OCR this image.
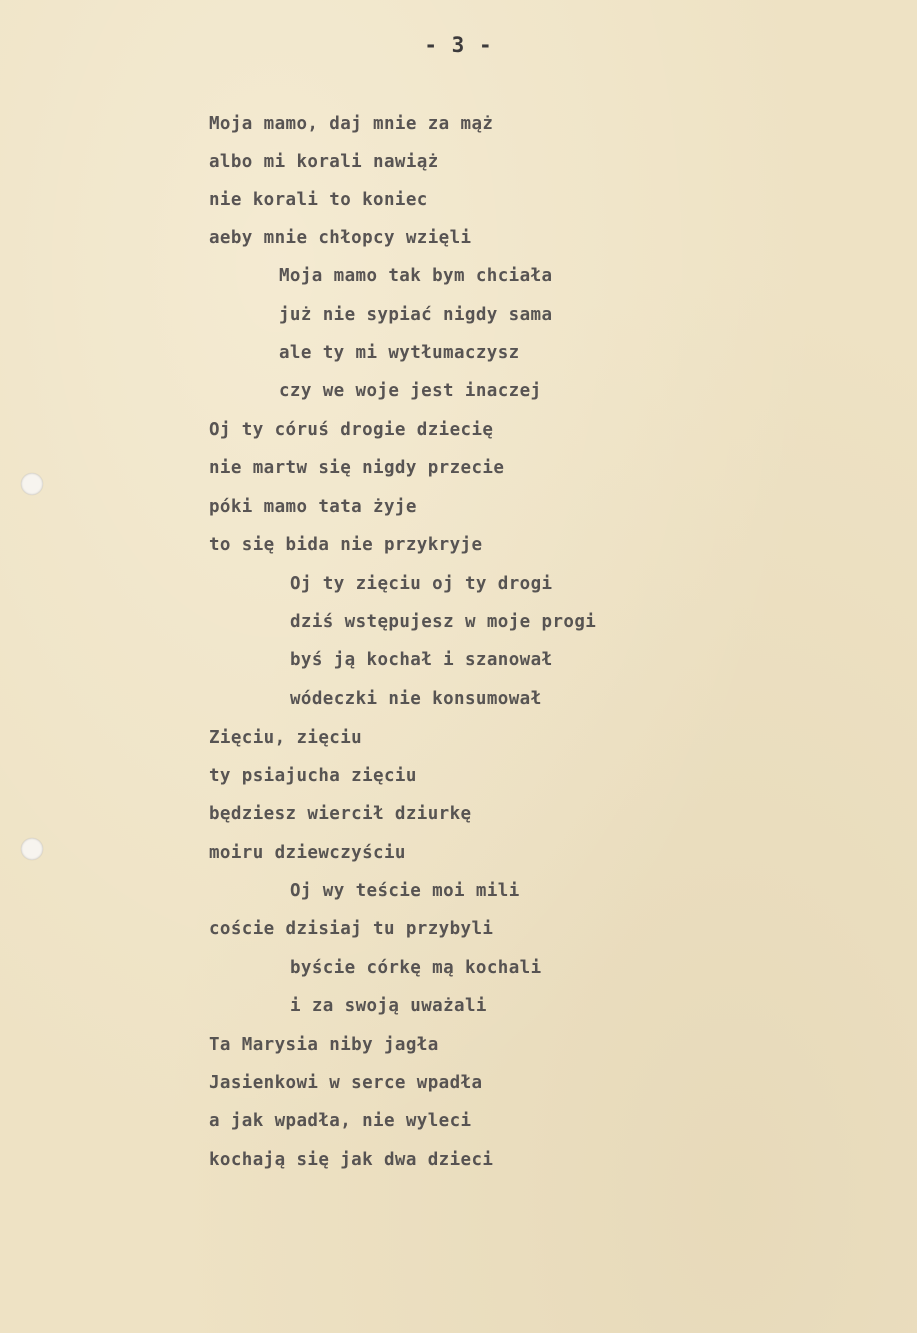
- 3 -
Moja mamo, daj mnie za mąż
albo mi korali nawiąż
nie korali to koniec
aeby mnie chłopcy wzięli
Moja mamo tak bym chciała
już nie sypiać nigdy sama
ale ty mi wytłumaczysz
czy we woje jest inaczej
Oj ty córuś drogie dziecię
nie martw się nigdy przecie
póki mamo tata żyje
to się bida nie przykryje
Oj ty zięciu oj ty drogi
dziś wstępujesz w moje progi
byś ją kochał i szanował
wódeczki nie konsumował
Zięciu, zięciu
ty psiajucha zięciu
będziesz wiercił dziurkę
moiru dziewczyściu
Oj wy teście moi mili
coście dzisiaj tu przybyli
byście córkę mą kochali
i za swoją uważali
Ta Marysia niby jagła
Jasienkowi w serce wpadła
a jak wpadła, nie wyleci
kochają się jak dwa dzieci
